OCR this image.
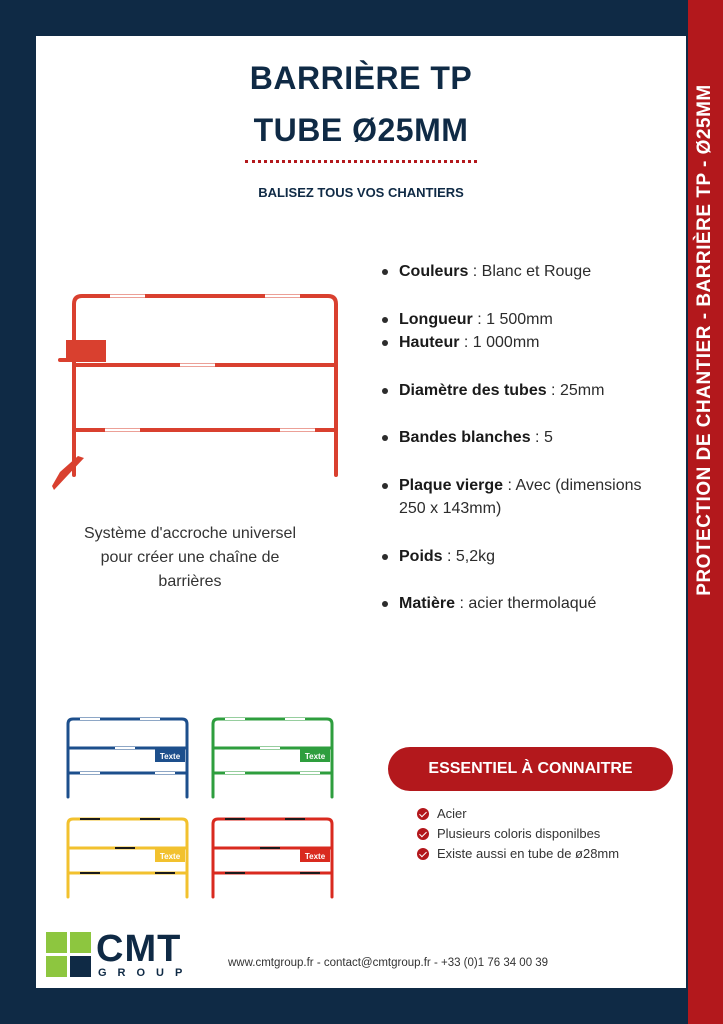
PROTECTION DE CHANTIER - BARRIÈRE TP - Ø25MM
BARRIÈRE TP
TUBE Ø25MM
BALISEZ TOUS VOS CHANTIERS
Couleurs : Blanc et Rouge
Longueur : 1 500mm
Hauteur : 1 000mm
Diamètre des tubes : 25mm
Bandes blanches : 5
Plaque vierge : Avec (dimensions 250 x 143mm)
Poids : 5,2kg
Matière : acier thermolaqué
Système d'accroche universel pour créer une chaîne de barrières
Texte	Texte
Texte	Texte
ESSENTIEL À CONNAITRE
Acier
Plusieurs coloris disponilbes
Existe aussi en tube de ø28mm
CMT
GROUP
www.cmtgroup.fr - contact@cmtgroup.fr - +33 (0)1 76 34 00 39
